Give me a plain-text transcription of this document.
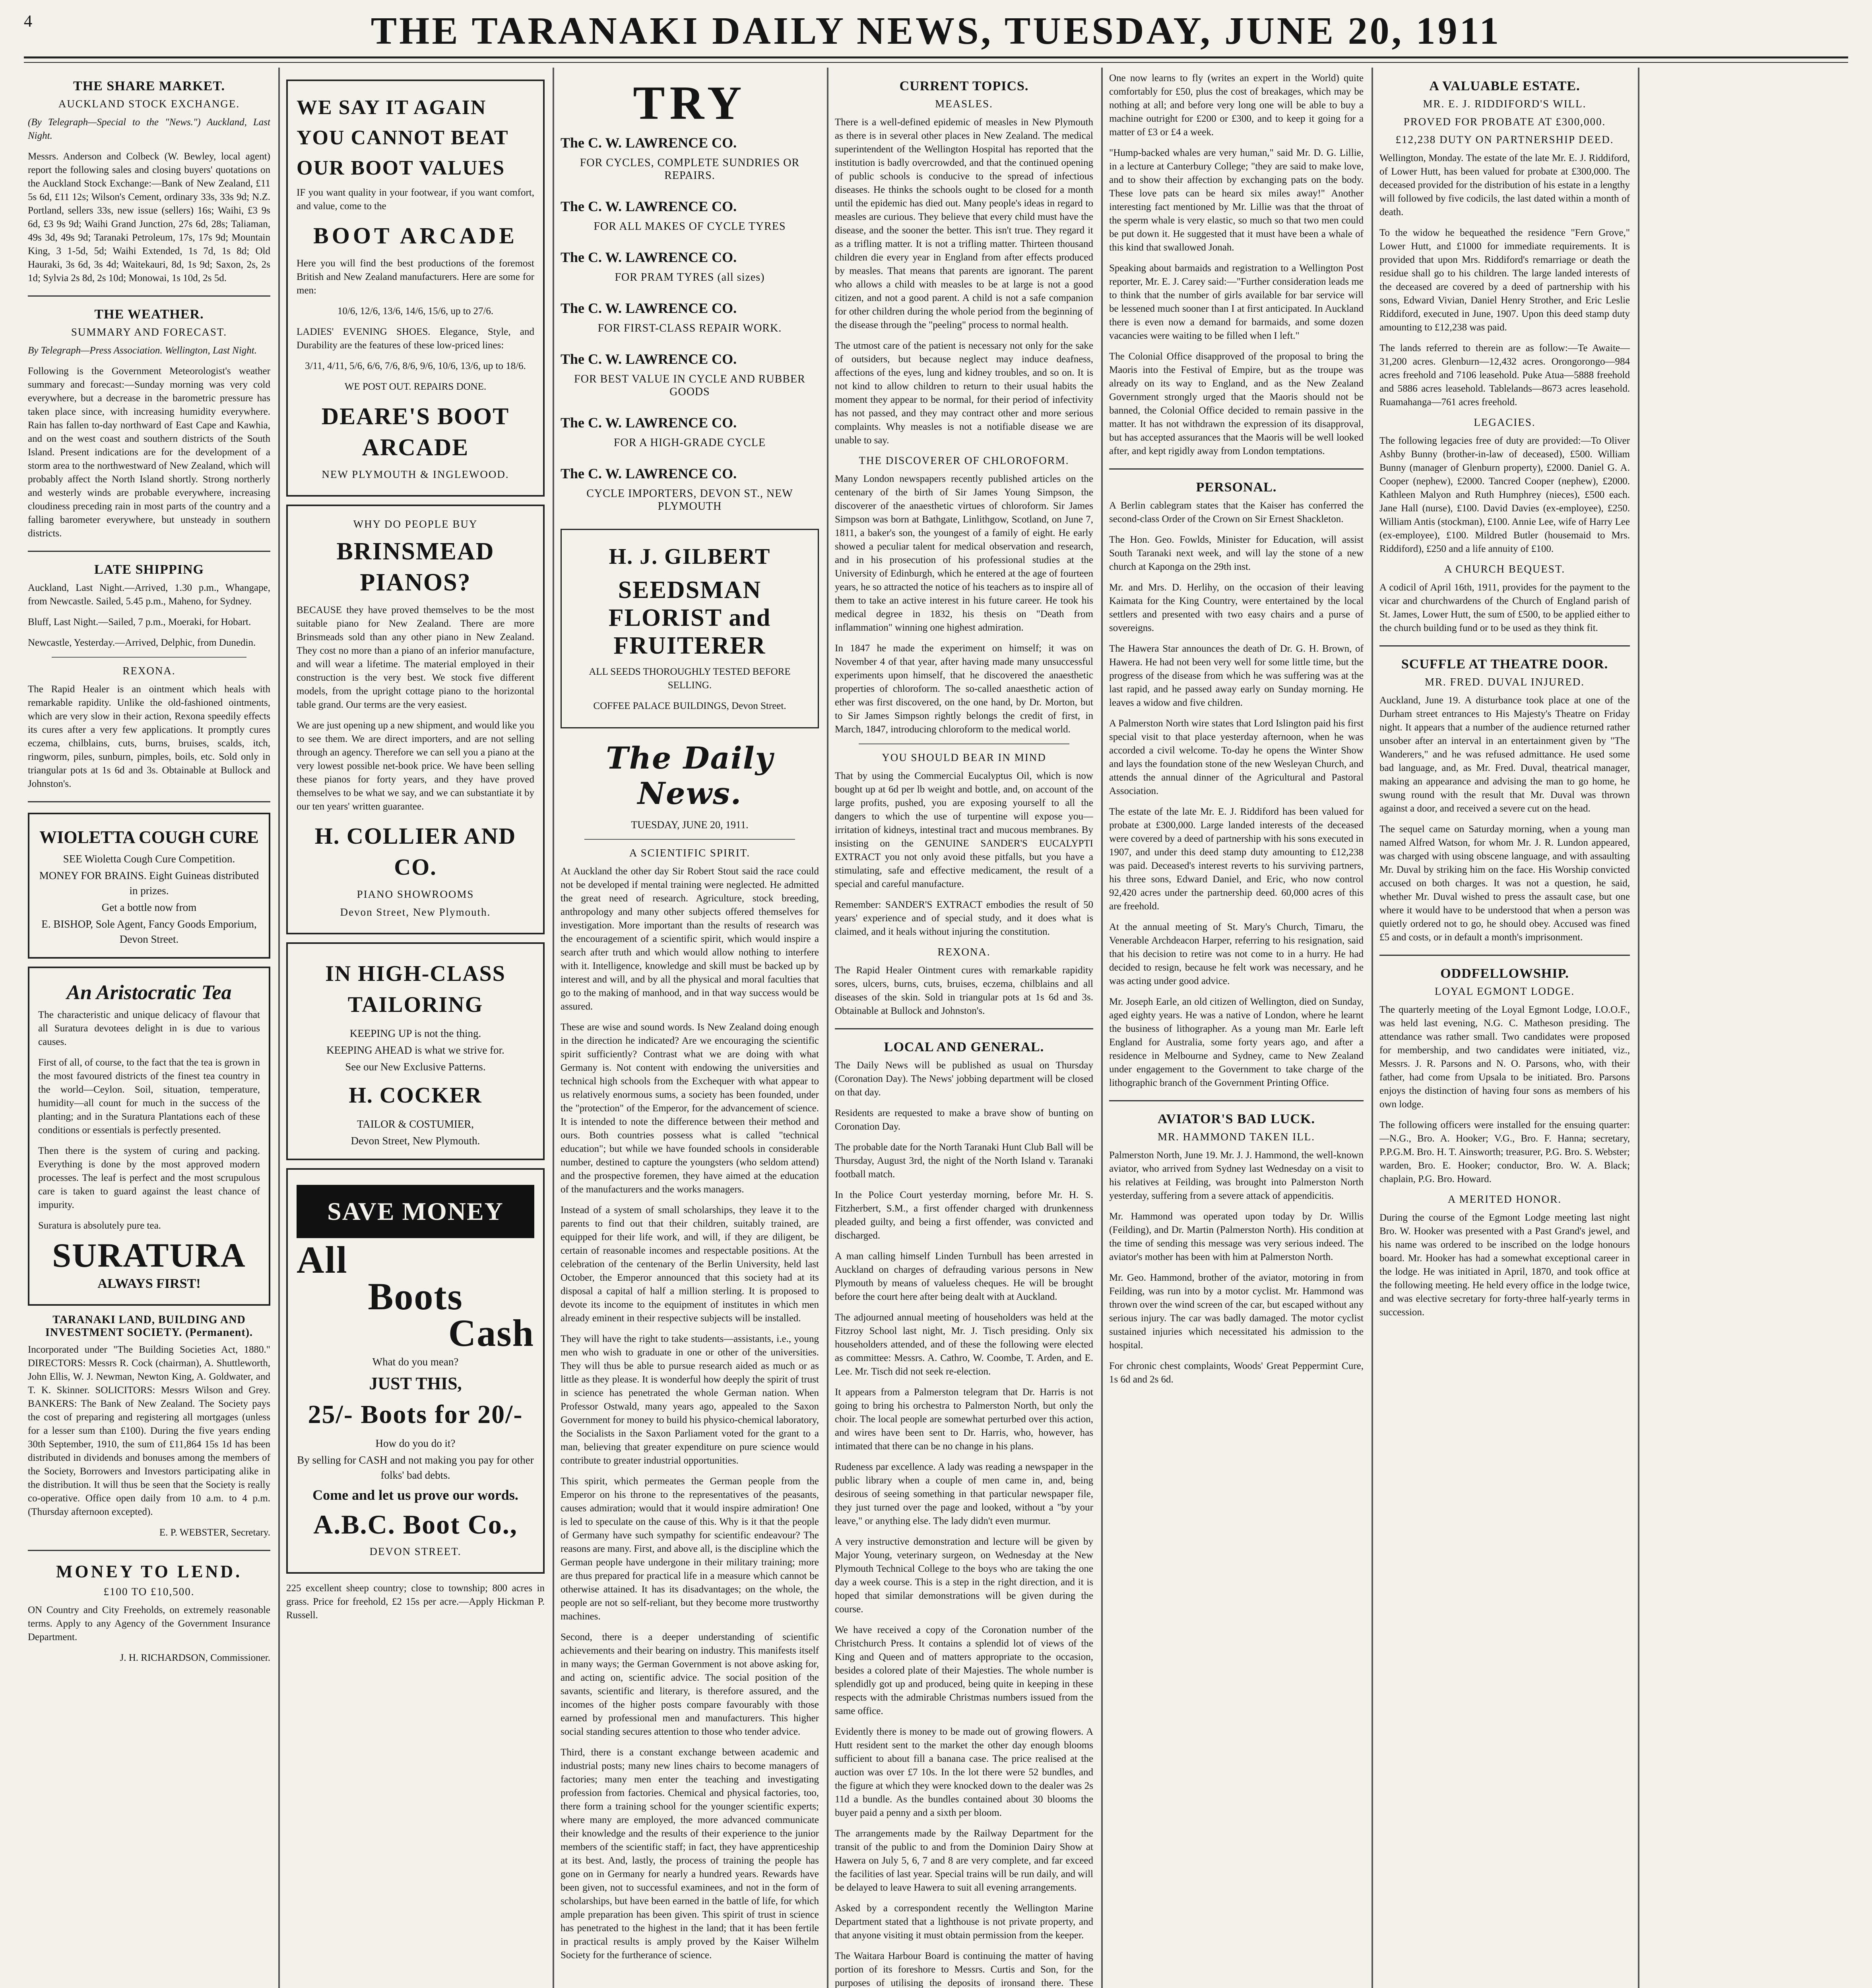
4	THE TARANAKI DAILY NEWS, TUESDAY, JUNE 20, 1911
THE SHARE MARKET.
AUCKLAND STOCK EXCHANGE.

(By Telegraph—Special to the "News.") Auckland, Last Night.

Messrs. Anderson and Colbeck (W. Bewley, local agent) report the following sales and closing buyers' quotations on the Auckland Stock Exchange:—Bank of New Zealand, £11 5s 6d, £11 12s; Wilson's Cement, ordinary 33s, 33s 9d; N.Z. Portland, sellers 33s, new issue (sellers) 16s; Waihi, £3 9s 6d, £3 9s 9d; Waihi Grand Junction, 27s 6d, 28s; Taliaman, 49s 3d, 49s 9d; Taranaki Petroleum, 17s, 17s 9d; Mountain King, 3 1-5d, 5d; Waihi Extended, 1s 7d, 1s 8d; Old Hauraki, 3s 6d, 3s 4d; Waitekauri, 8d, 1s 9d; Saxon, 2s, 2s 1d; Sylvia 2s 8d, 2s 10d; Monowai, 1s 10d, 2s 5d.

THE WEATHER.
SUMMARY AND FORECAST.

By Telegraph—Press Association. Wellington, Last Night.

Following is the Government Meteorologist's weather summary and forecast:—Sunday morning was very cold everywhere, but a decrease in the barometric pressure has taken place since, with increasing humidity everywhere. Rain has fallen to-day northward of East Cape and Kawhia, and on the west coast and southern districts of the South Island. Present indications are for the development of a storm area to the northwestward of New Zealand, which will probably affect the North Island shortly. Strong northerly and westerly winds are probable everywhere, increasing cloudiness preceding rain in most parts of the country and a falling barometer everywhere, but unsteady in southern districts.

LATE SHIPPING

Auckland, Last Night.—Arrived, 1.30 p.m., Whangape, from Newcastle. Sailed, 5.45 p.m., Maheno, for Sydney.

Bluff, Last Night.—Sailed, 7 p.m., Moeraki, for Hobart.

Newcastle, Yesterday.—Arrived, Delphic, from Dunedin.

REXONA.

The Rapid Healer is an ointment which heals with remarkable rapidity. Unlike the old-fashioned ointments, which are very slow in their action, Rexona speedily effects its cures after a very few applications. It promptly cures eczema, chilblains, cuts, burns, bruises, scalds, itch, ringworm, piles, sunburn, pimples, boils, etc. Sold only in triangular pots at 1s 6d and 3s. Obtainable at Bullock and Johnston's.

WIOLETTA COUGH CURE
SEE Wioletta Cough Cure Competition.
MONEY FOR BRAINS. Eight Guineas distributed in prizes.
Get a bottle now from
E. BISHOP, Sole Agent, Fancy Goods Emporium, Devon Street.
An Aristocratic Tea

The characteristic and unique delicacy of flavour that all Suratura devotees delight in is due to various causes.

First of all, of course, to the fact that the tea is grown in the most favoured districts of the finest tea country in the world—Ceylon. Soil, situation, temperature, humidity—all count for much in the success of the planting; and in the Suratura Plantations each of these conditions or essentials is perfectly presented.

Then there is the system of curing and packing. Everything is done by the most approved modern processes. The leaf is perfect and the most scrupulous care is taken to guard against the least chance of impurity.

Suratura is absolutely pure tea.

SURATURA
ALWAYS FIRST!
TARANAKI LAND, BUILDING AND INVESTMENT SOCIETY. (Permanent).

Incorporated under "The Building Societies Act, 1880." DIRECTORS: Messrs R. Cock (chairman), A. Shuttleworth, John Ellis, W. J. Newman, Newton King, A. Goldwater, and T. K. Skinner. SOLICITORS: Messrs Wilson and Grey. BANKERS: The Bank of New Zealand. The Society pays the cost of preparing and registering all mortgages (unless for a lesser sum than £100). During the five years ending 30th September, 1910, the sum of £11,864 15s 1d has been distributed in dividends and bonuses among the members of the Society, Borrowers and Investors participating alike in the distribution. It will thus be seen that the Society is really co-operative. Office open daily from 10 a.m. to 4 p.m. (Thursday afternoon excepted).

E. P. WEBSTER, Secretary.

MONEY TO LEND.
£100 TO £10,500.

ON Country and City Freeholds, on extremely reasonable terms. Apply to any Agency of the Government Insurance Department.

J. H. RICHARDSON, Commissioner.

WE SAY IT AGAIN
YOU CANNOT BEAT
OUR BOOT VALUES

IF you want quality in your footwear, if you want comfort, and value, come to the

BOOT ARCADE

Here you will find the best productions of the foremost British and New Zealand manufacturers. Here are some for men:

10/6, 12/6, 13/6, 14/6, 15/6, up to 27/6.

LADIES' EVENING SHOES. Elegance, Style, and Durability are the features of these low-priced lines:

3/11, 4/11, 5/6, 6/6, 7/6, 8/6, 9/6, 10/6, 13/6, up to 18/6.

WE POST OUT. REPAIRS DONE.

DEARE'S BOOT ARCADE
NEW PLYMOUTH & INGLEWOOD.
WHY DO PEOPLE BUY
BRINSMEAD PIANOS?

BECAUSE they have proved themselves to be the most suitable piano for New Zealand. There are more Brinsmeads sold than any other piano in New Zealand. They cost no more than a piano of an inferior manufacture, and will wear a lifetime. The material employed in their construction is the very best. We stock five different models, from the upright cottage piano to the horizontal table grand. Our terms are the very easiest.

We are just opening up a new shipment, and would like you to see them. We are direct importers, and are not selling through an agency. Therefore we can sell you a piano at the very lowest possible net-book price. We have been selling these pianos for forty years, and they have proved themselves to be what we say, and we can substantiate it by our ten years' written guarantee.

H. COLLIER AND CO.
PIANO SHOWROOMS
Devon Street, New Plymouth.
IN HIGH-CLASS TAILORING
KEEPING UP is not the thing.
KEEPING AHEAD is what we strive for.
See our New Exclusive Patterns.
H. COCKER
TAILOR & COSTUMIER,
Devon Street, New Plymouth.
SAVE MONEY
All
Boots
Cash
What do you mean?
JUST THIS,
25/- Boots for 20/-
How do you do it?
By selling for CASH and not making you pay for other folks' bad debts.
Come and let us prove our words.
A.B.C. Boot Co.,
DEVON STREET.

225 excellent sheep country; close to township; 800 acres in grass. Price for freehold, £2 15s per acre.—Apply Hickman P. Russell.

TRY
The C. W. LAWRENCE CO.
FOR CYCLES, COMPLETE SUNDRIES OR REPAIRS.
The C. W. LAWRENCE CO.
FOR ALL MAKES OF CYCLE TYRES
The C. W. LAWRENCE CO.
FOR PRAM TYRES (all sizes)
The C. W. LAWRENCE CO.
FOR FIRST-CLASS REPAIR WORK.
The C. W. LAWRENCE CO.
FOR BEST VALUE IN CYCLE AND RUBBER GOODS
The C. W. LAWRENCE CO.
FOR A HIGH-GRADE CYCLE
The C. W. LAWRENCE CO.
CYCLE IMPORTERS, DEVON ST., NEW PLYMOUTH
H. J. GILBERT
SEEDSMAN FLORIST and FRUITERER

ALL SEEDS THOROUGHLY TESTED BEFORE SELLING.

COFFEE PALACE BUILDINGS, Devon Street.

The Daily News.
TUESDAY, JUNE 20, 1911.
A SCIENTIFIC SPIRIT.

At Auckland the other day Sir Robert Stout said the race could not be developed if mental training were neglected. He admitted the great need of research. Agriculture, stock breeding, anthropology and many other subjects offered themselves for investigation. More important than the results of research was the encouragement of a scientific spirit, which would inspire a search after truth and which would allow nothing to interfere with it. Intelligence, knowledge and skill must be backed up by interest and will, and by all the physical and moral faculties that go to the making of manhood, and in that way success would be assured.

These are wise and sound words. Is New Zealand doing enough in the direction he indicated? Are we encouraging the scientific spirit sufficiently? Contrast what we are doing with what Germany is. Not content with endowing the universities and technical high schools from the Exchequer with what appear to us relatively enormous sums, a society has been founded, under the "protection" of the Emperor, for the advancement of science. It is intended to note the difference between their method and ours. Both countries possess what is called "technical education"; but while we have founded schools in considerable number, destined to capture the youngsters (who seldom attend) and the prospective foremen, they have aimed at the education of the manufacturers and the works managers.

Instead of a system of small scholarships, they leave it to the parents to find out that their children, suitably trained, are equipped for their life work, and will, if they are diligent, be certain of reasonable incomes and respectable positions. At the celebration of the centenary of the Berlin University, held last October, the Emperor announced that this society had at its disposal a capital of half a million sterling. It is proposed to devote its income to the equipment of institutes in which men already eminent in their respective subjects will be installed.

They will have the right to take students—assistants, i.e., young men who wish to graduate in one or other of the universities. They will thus be able to pursue research aided as much or as little as they please. It is wonderful how deeply the spirit of trust in science has penetrated the whole German nation. When Professor Ostwald, many years ago, appealed to the Saxon Government for money to build his physico-chemical laboratory, the Socialists in the Saxon Parliament voted for the grant to a man, believing that greater expenditure on pure science would contribute to greater industrial opportunities.

This spirit, which permeates the German people from the Emperor on his throne to the representatives of the peasants, causes admiration; would that it would inspire admiration! One is led to speculate on the cause of this. Why is it that the people of Germany have such sympathy for scientific endeavour? The reasons are many. First, and above all, is the discipline which the German people have undergone in their military training; more are thus prepared for practical life in a measure which cannot be otherwise attained. It has its disadvantages; on the whole, the people are not so self-reliant, but they become more trustworthy machines.

Second, there is a deeper understanding of scientific achievements and their bearing on industry. This manifests itself in many ways; the German Government is not above asking for, and acting on, scientific advice. The social position of the savants, scientific and literary, is therefore assured, and the incomes of the higher posts compare favourably with those earned by professional men and manufacturers. This higher social standing secures attention to those who tender advice.

Third, there is a constant exchange between academic and industrial posts; many new lines chairs to become managers of factories; many men enter the teaching and investigating profession from factories. Chemical and physical factories, too, there form a training school for the younger scientific experts; where many are employed, the more advanced communicate their knowledge and the results of their experience to the junior members of the scientific staff; in fact, they have apprenticeship at its best. And, lastly, the process of training the people has gone on in Germany for nearly a hundred years. Rewards have been given, not to successful examinees, and not in the form of scholarships, but have been earned in the battle of life, for which ample preparation has been given. This spirit of trust in science has penetrated to the highest in the land; that it has been fertile in practical results is amply proved by the Kaiser Wilhelm Society for the furtherance of science.

CURRENT TOPICS.
MEASLES.

There is a well-defined epidemic of measles in New Plymouth as there is in several other places in New Zealand. The medical superintendent of the Wellington Hospital has reported that the institution is badly overcrowded, and that the continued opening of public schools is conducive to the spread of infectious diseases. He thinks the schools ought to be closed for a month until the epidemic has died out. Many people's ideas in regard to measles are curious. They believe that every child must have the disease, and the sooner the better. This isn't true. They regard it as a trifling matter. It is not a trifling matter. Thirteen thousand children die every year in England from after effects produced by measles. That means that parents are ignorant. The parent who allows a child with measles to be at large is not a good citizen, and not a good parent. A child is not a safe companion for other children during the whole period from the beginning of the disease through the "peeling" process to normal health.

The utmost care of the patient is necessary not only for the sake of outsiders, but because neglect may induce deafness, affections of the eyes, lung and kidney troubles, and so on. It is not kind to allow children to return to their usual habits the moment they appear to be normal, for their period of infectivity has not passed, and they may contract other and more serious complaints. Why measles is not a notifiable disease we are unable to say.

THE DISCOVERER OF CHLOROFORM.

Many London newspapers recently published articles on the centenary of the birth of Sir James Young Simpson, the discoverer of the anaesthetic virtues of chloroform. Sir James Simpson was born at Bathgate, Linlithgow, Scotland, on June 7, 1811, a baker's son, the youngest of a family of eight. He early showed a peculiar talent for medical observation and research, and in his prosecution of his professional studies at the University of Edinburgh, which he entered at the age of fourteen years, he so attracted the notice of his teachers as to inspire all of them to take an active interest in his future career. He took his medical degree in 1832, his thesis on "Death from inflammation" winning one highest admiration.

In 1847 he made the experiment on himself; it was on November 4 of that year, after having made many unsuccessful experiments upon himself, that he discovered the anaesthetic properties of chloroform. The so-called anaesthetic action of ether was first discovered, on the one hand, by Dr. Morton, but to Sir James Simpson rightly belongs the credit of first, in March, 1847, introducing chloroform to the medical world.

YOU SHOULD BEAR IN MIND

That by using the Commercial Eucalyptus Oil, which is now bought up at 6d per lb weight and bottle, and, on account of the large profits, pushed, you are exposing yourself to all the dangers to which the use of turpentine will expose you—irritation of kidneys, intestinal tract and mucous membranes. By insisting on the GENUINE SANDER'S EUCALYPTI EXTRACT you not only avoid these pitfalls, but you have a stimulating, safe and effective medicament, the result of a special and careful manufacture.

Remember: SANDER'S EXTRACT embodies the result of 50 years' experience and of special study, and it does what is claimed, and it heals without injuring the constitution.

REXONA.

The Rapid Healer Ointment cures with remarkable rapidity sores, ulcers, burns, cuts, bruises, eczema, chilblains and all diseases of the skin. Sold in triangular pots at 1s 6d and 3s. Obtainable at Bullock and Johnston's.

LOCAL AND GENERAL.

The Daily News will be published as usual on Thursday (Coronation Day). The News' jobbing department will be closed on that day.

Residents are requested to make a brave show of bunting on Coronation Day.

The probable date for the North Taranaki Hunt Club Ball will be Thursday, August 3rd, the night of the North Island v. Taranaki football match.

In the Police Court yesterday morning, before Mr. H. S. Fitzherbert, S.M., a first offender charged with drunkenness pleaded guilty, and being a first offender, was convicted and discharged.

A man calling himself Linden Turnbull has been arrested in Auckland on charges of defrauding various persons in New Plymouth by means of valueless cheques. He will be brought before the court here after being dealt with at Auckland.

The adjourned annual meeting of householders was held at the Fitzroy School last night, Mr. J. Tisch presiding. Only six householders attended, and of these the following were elected as committee: Messrs. A. Cathro, W. Coombe, T. Arden, and E. Lee. Mr. Tisch did not seek re-election.

It appears from a Palmerston telegram that Dr. Harris is not going to bring his orchestra to Palmerston North, but only the choir. The local people are somewhat perturbed over this action, and wires have been sent to Dr. Harris, who, however, has intimated that there can be no change in his plans.

Rudeness par excellence. A lady was reading a newspaper in the public library when a couple of men came in, and, being desirous of seeing something in that particular newspaper file, they just turned over the page and looked, without a "by your leave," or anything else. The lady didn't even murmur.

A very instructive demonstration and lecture will be given by Major Young, veterinary surgeon, on Wednesday at the New Plymouth Technical College to the boys who are taking the one day a week course. This is a step in the right direction, and it is hoped that similar demonstrations will be given during the course.

We have received a copy of the Coronation number of the Christchurch Press. It contains a splendid lot of views of the King and Queen and of matters appropriate to the occasion, besides a colored plate of their Majesties. The whole number is splendidly got up and produced, being quite in keeping in these respects with the admirable Christmas numbers issued from the same office.

Evidently there is money to be made out of growing flowers. A Hutt resident sent to the market the other day enough blooms sufficient to about fill a banana case. The price realised at the auction was over £7 10s. In the lot there were 52 bundles, and the figure at which they were knocked down to the dealer was 2s 11d a bundle. As the bundles contained about 30 blooms the buyer paid a penny and a sixth per bloom.

The arrangements made by the Railway Department for the transit of the public to and from the Dominion Dairy Show at Hawera on July 5, 6, 7 and 8 are very complete, and far exceed the facilities of last year. Special trains will be run daily, and will be delayed to leave Hawera to suit all evening arrangements.

Asked by a correspondent recently the Wellington Marine Department stated that a lighthouse is not private property, and that anyone visiting it must obtain permission from the keeper.

The Waitara Harbour Board is continuing the matter of having portion of its foreshore to Messrs. Curtis and Son, for the purposes of utilising the deposits of ironsand there. These

One now learns to fly (writes an expert in the World) quite comfortably for £50, plus the cost of breakages, which may be nothing at all; and before very long one will be able to buy a machine outright for £200 or £300, and to keep it going for a matter of £3 or £4 a week.

"Hump-backed whales are very human," said Mr. D. G. Lillie, in a lecture at Canterbury College; "they are said to make love, and to show their affection by exchanging pats on the body. These love pats can be heard six miles away!" Another interesting fact mentioned by Mr. Lillie was that the throat of the sperm whale is very elastic, so much so that two men could be put down it. He suggested that it must have been a whale of this kind that swallowed Jonah.

Speaking about barmaids and registration to a Wellington Post reporter, Mr. E. J. Carey said:—"Further consideration leads me to think that the number of girls available for bar service will be lessened much sooner than I at first anticipated. In Auckland there is even now a demand for barmaids, and some dozen vacancies were waiting to be filled when I left."

The Colonial Office disapproved of the proposal to bring the Maoris into the Festival of Empire, but as the troupe was already on its way to England, and as the New Zealand Government strongly urged that the Maoris should not be banned, the Colonial Office decided to remain passive in the matter. It has not withdrawn the expression of its disapproval, but has accepted assurances that the Maoris will be well looked after, and kept rigidly away from London temptations.

PERSONAL.

A Berlin cablegram states that the Kaiser has conferred the second-class Order of the Crown on Sir Ernest Shackleton.

The Hon. Geo. Fowlds, Minister for Education, will assist South Taranaki next week, and will lay the stone of a new church at Kaponga on the 29th inst.

Mr. and Mrs. D. Herlihy, on the occasion of their leaving Kaimata for the King Country, were entertained by the local settlers and presented with two easy chairs and a purse of sovereigns.

The Hawera Star announces the death of Dr. G. H. Brown, of Hawera. He had not been very well for some little time, but the progress of the disease from which he was suffering was at the last rapid, and he passed away early on Sunday morning. He leaves a widow and five children.

A Palmerston North wire states that Lord Islington paid his first special visit to that place yesterday afternoon, when he was accorded a civil welcome. To-day he opens the Winter Show and lays the foundation stone of the new Wesleyan Church, and attends the annual dinner of the Agricultural and Pastoral Association.

The estate of the late Mr. E. J. Riddiford has been valued for probate at £300,000. Large landed interests of the deceased were covered by a deed of partnership with his sons executed in 1907, and under this deed stamp duty amounting to £12,238 was paid. Deceased's interest reverts to his surviving partners, his three sons, Edward Daniel, and Eric, who now control 92,420 acres under the partnership deed. 60,000 acres of this are freehold.

At the annual meeting of St. Mary's Church, Timaru, the Venerable Archdeacon Harper, referring to his resignation, said that his decision to retire was not come to in a hurry. He had decided to resign, because he felt work was necessary, and he was acting under good advice.

Mr. Joseph Earle, an old citizen of Wellington, died on Sunday, aged eighty years. He was a native of London, where he learnt the business of lithographer. As a young man Mr. Earle left England for Australia, some forty years ago, and after a residence in Melbourne and Sydney, came to New Zealand under engagement to the Government to take charge of the lithographic branch of the Government Printing Office.

AVIATOR'S BAD LUCK.
MR. HAMMOND TAKEN ILL.

Palmerston North, June 19. Mr. J. J. Hammond, the well-known aviator, who arrived from Sydney last Wednesday on a visit to his relatives at Feilding, was brought into Palmerston North yesterday, suffering from a severe attack of appendicitis.

Mr. Hammond was operated upon today by Dr. Willis (Feilding), and Dr. Martin (Palmerston North). His condition at the time of sending this message was very serious indeed. The aviator's mother has been with him at Palmerston North.

Mr. Geo. Hammond, brother of the aviator, motoring in from Feilding, was run into by a motor cyclist. Mr. Hammond was thrown over the wind screen of the car, but escaped without any serious injury. The car was badly damaged. The motor cyclist sustained injuries which necessitated his admission to the hospital.

For chronic chest complaints, Woods' Great Peppermint Cure, 1s 6d and 2s 6d.

A VALUABLE ESTATE.
MR. E. J. RIDDIFORD'S WILL.
PROVED FOR PROBATE AT £300,000.
£12,238 DUTY ON PARTNERSHIP DEED.

Wellington, Monday. The estate of the late Mr. E. J. Riddiford, of Lower Hutt, has been valued for probate at £300,000. The deceased provided for the distribution of his estate in a lengthy will followed by five codicils, the last dated within a month of death.

To the widow he bequeathed the residence "Fern Grove," Lower Hutt, and £1000 for immediate requirements. It is provided that upon Mrs. Riddiford's remarriage or death the residue shall go to his children. The large landed interests of the deceased are covered by a deed of partnership with his sons, Edward Vivian, Daniel Henry Strother, and Eric Leslie Riddiford, executed in June, 1907. Upon this deed stamp duty amounting to £12,238 was paid.

The lands referred to therein are as follow:—Te Awaite—31,200 acres. Glenburn—12,432 acres. Orongorongo—984 acres freehold and 7106 leasehold. Puke Atua—5888 freehold and 5886 acres leasehold. Tablelands—8673 acres leasehold. Ruamahanga—761 acres freehold.

LEGACIES.

The following legacies free of duty are provided:—To Oliver Ashby Bunny (brother-in-law of deceased), £500. William Bunny (manager of Glenburn property), £2000. Daniel G. A. Cooper (nephew), £2000. Tancred Cooper (nephew), £2000. Kathleen Malyon and Ruth Humphrey (nieces), £500 each. Jane Hall (nurse), £100. David Davies (ex-employee), £250. William Antis (stockman), £100. Annie Lee, wife of Harry Lee (ex-employee), £100. Mildred Butler (housemaid to Mrs. Riddiford), £250 and a life annuity of £100.

A CHURCH BEQUEST.

A codicil of April 16th, 1911, provides for the payment to the vicar and churchwardens of the Church of England parish of St. James, Lower Hutt, the sum of £500, to be applied either to the church building fund or to be used as they think fit.

SCUFFLE AT THEATRE DOOR.
MR. FRED. DUVAL INJURED.

Auckland, June 19. A disturbance took place at one of the Durham street entrances to His Majesty's Theatre on Friday night. It appears that a number of the audience returned rather unsober after an interval in an entertainment given by "The Wanderers," and he was refused admittance. He used some bad language, and, as Mr. Fred. Duval, theatrical manager, making an appearance and advising the man to go home, he swung round with the result that Mr. Duval was thrown against a door, and received a severe cut on the head.

The sequel came on Saturday morning, when a young man named Alfred Watson, for whom Mr. J. R. Lundon appeared, was charged with using obscene language, and with assaulting Mr. Duval by striking him on the face. His Worship convicted accused on both charges. It was not a question, he said, whether Mr. Duval wished to press the assault case, but one where it would have to be understood that when a person was quietly ordered not to go, he should obey. Accused was fined £5 and costs, or in default a month's imprisonment.

ODDFELLOWSHIP.
LOYAL EGMONT LODGE.

The quarterly meeting of the Loyal Egmont Lodge, I.O.O.F., was held last evening, N.G. C. Matheson presiding. The attendance was rather small. Two candidates were proposed for membership, and two candidates were initiated, viz., Messrs. J. R. Parsons and N. O. Parsons, who, with their father, had come from Upsala to be initiated. Bro. Parsons enjoys the distinction of having four sons as members of his own lodge.

The following officers were installed for the ensuing quarter:—N.G., Bro. A. Hooker; V.G., Bro. F. Hanna; secretary, P.P.G.M. Bro. H. T. Ainsworth; treasurer, P.G. Bro. S. Webster; warden, Bro. E. Hooker; conductor, Bro. W. A. Black; chaplain, P.G. Bro. Howard.

A MERITED HONOR.

During the course of the Egmont Lodge meeting last night Bro. W. Hooker was presented with a Past Grand's jewel, and his name was ordered to be inscribed on the lodge honours board. Mr. Hooker has had a somewhat exceptional career in the lodge. He was initiated in April, 1870, and took office at the following meeting. He held every office in the lodge twice, and was elective secretary for forty-three half-yearly terms in succession.
